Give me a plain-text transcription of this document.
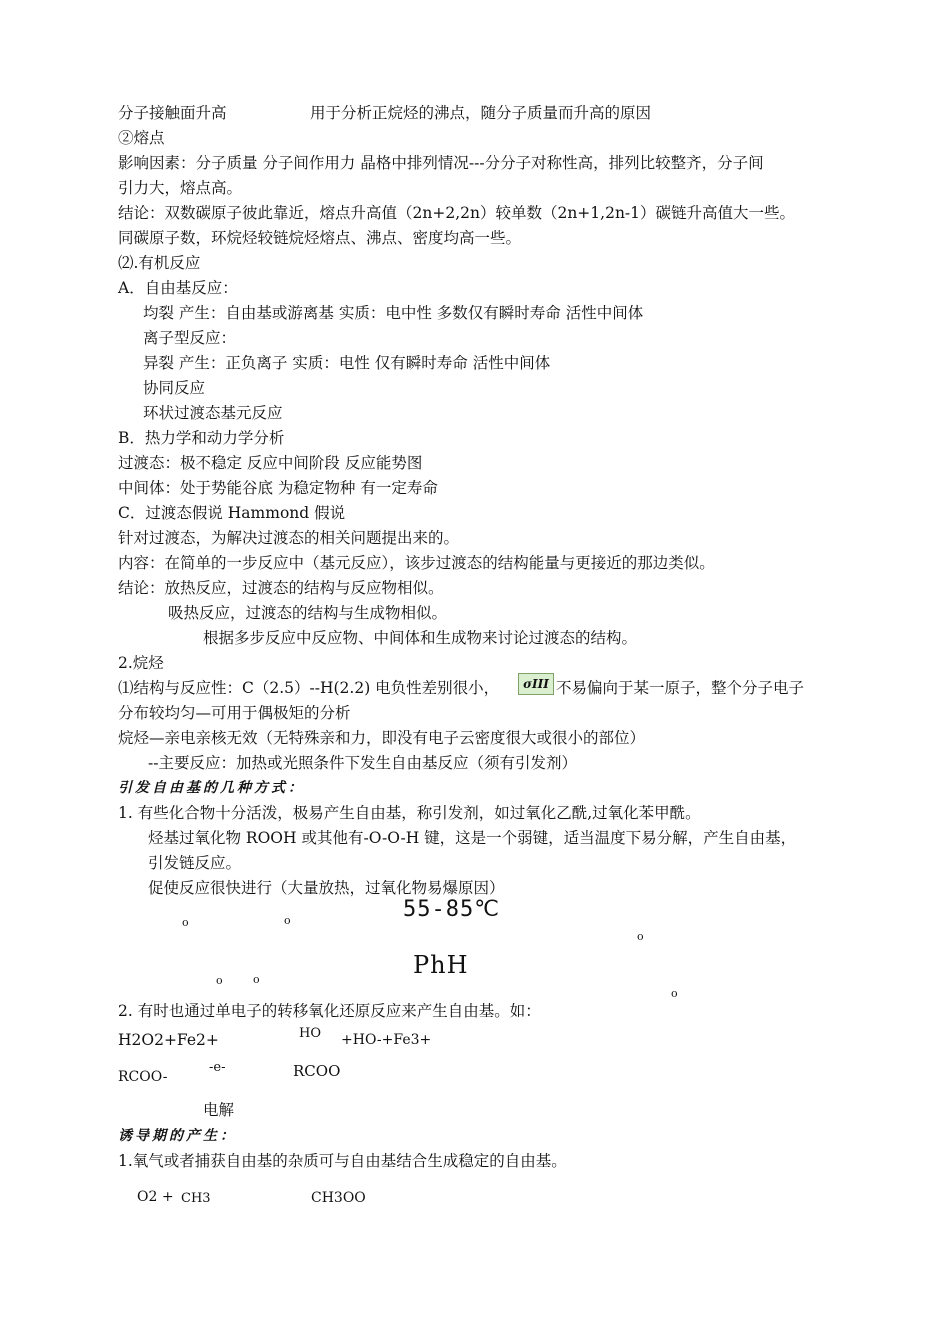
分子接触面升高	用于分析正烷烃的沸点，随分子质量而升高的原因
②熔点
影响因素：分子质量 分子间作用力 晶格中排列情况---分分子对称性高，排列比较整齐，分子间
引力大，熔点高。
结论：双数碳原子彼此靠近，熔点升高值（2n+2,2n）较单数（2n+1,2n-1）碳链升高值大一些。
同碳原子数，环烷烃较链烷烃熔点、沸点、密度均高一些。
⑵.有机反应
A．自由基反应：
均裂 产生：自由基或游离基 实质：电中性 多数仅有瞬时寿命 活性中间体
离子型反应：
异裂 产生：正负离子 实质：电性 仅有瞬时寿命 活性中间体
协同反应
环状过渡态基元反应
B．热力学和动力学分析
过渡态：极不稳定 反应中间阶段 反应能势图
中间体：处于势能谷底 为稳定物种 有一定寿命
C．过渡态假说 Hammond 假说
针对过渡态，为解决过渡态的相关问题提出来的。
内容：在简单的一步反应中（基元反应），该步过渡态的结构能量与更接近的那边类似。
结论：放热反应，过渡态的结构与反应物相似。
吸热反应，过渡态的结构与生成物相似。
根据多步反应中反应物、中间体和生成物来讨论过渡态的结构。
2.烷烃
⑴结构与反应性：C（2.5）--H(2.2) 电负性差别很小，	σIII 不易偏向于某一原子，整个分子电子
分布较均匀—可用于偶极矩的分析
烷烃—亲电亲核无效（无特殊亲和力，即没有电子云密度很大或很小的部位）
--主要反应：加热或光照条件下发生自由基反应（须有引发剂）
引发自由基的几种方式：
1. 有些化合物十分活泼，极易产生自由基，称引发剂，如过氧化乙酰,过氧化苯甲酰。
烃基过氧化物 ROOH 或其他有-O-O-H 键，这是一个弱键，适当温度下易分解，产生自由基，
引发链反应。
促使反应很快进行（大量放热，过氧化物易爆原因）
55-85℃
o	o
o
PhH
o	o
o
2. 有时也通过单电子的转移氧化还原反应来产生自由基。如：
H2O2+Fe2+	HO +HO-+Fe3+
RCOO-
-e-	RCOO
电解
诱导期的产生：
1.氧气或者捕获自由基的杂质可与自由基结合生成稳定的自由基。
O2 + CH3	CH3OO
